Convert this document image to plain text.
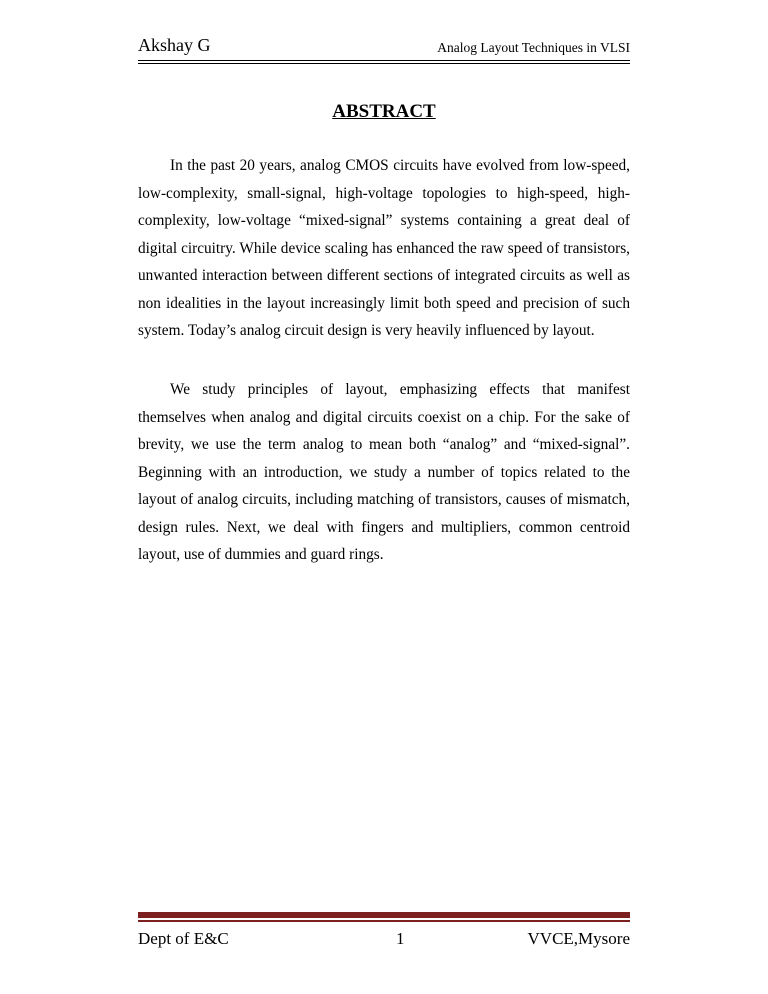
Akshay G	Analog Layout Techniques in VLSI
ABSTRACT

In the past 20 years, analog CMOS circuits have evolved from low-speed, low-complexity, small-signal, high-voltage topologies to high-speed, high-complexity, low-voltage “mixed-signal” systems containing a great deal of digital circuitry. While device scaling has enhanced the raw speed of transistors, unwanted interaction between different sections of integrated circuits as well as non idealities in the layout increasingly limit both speed and precision of such system. Today’s analog circuit design is very heavily influenced by layout.

We study principles of layout, emphasizing effects that manifest themselves when analog and digital circuits coexist on a chip. For the sake of brevity, we use the term analog to mean both “analog” and “mixed-signal”. Beginning with an introduction, we study a number of topics related to the layout of analog circuits, including matching of transistors, causes of mismatch, design rules. Next, we deal with fingers and multipliers, common centroid layout, use of dummies and guard rings.

Dept of E&C	1	VVCE,Mysore
